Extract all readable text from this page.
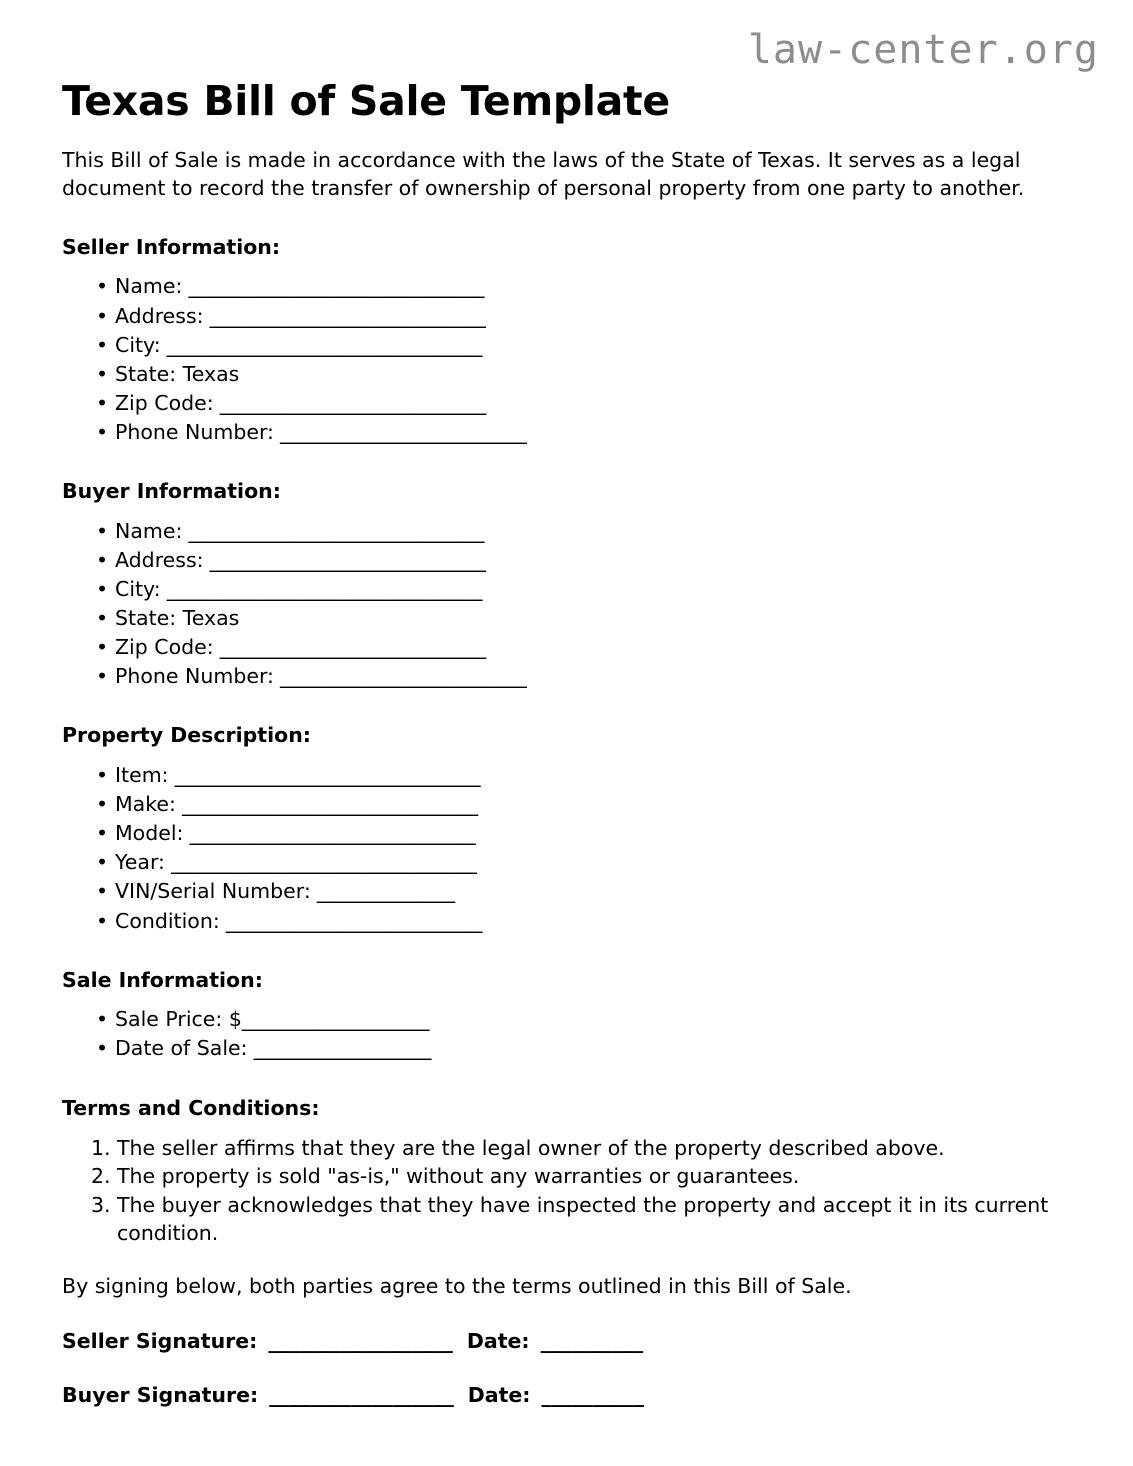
law-center.org
Texas Bill of Sale Template

This Bill of Sale is made in accordance with the laws of the State of Texas. It serves as a legal document to record the transfer of ownership of personal property from one party to another.

Seller Information:
• Name: ______________________________
• Address: ____________________________
• City: ________________________________
• State: Texas
• Zip Code: ___________________________
• Phone Number: _________________________
Buyer Information:
• Name: ______________________________
• Address: ____________________________
• City: ________________________________
• State: Texas
• Zip Code: ___________________________
• Phone Number: _________________________
Property Description:
• Item: _______________________________
• Make: ______________________________
• Model: _____________________________
• Year: _______________________________
• VIN/Serial Number: ______________
• Condition: __________________________
Sale Information:
• Sale Price: $___________________
• Date of Sale: __________________
Terms and Conditions:
The seller affirms that they are the legal owner of the property described above.
The property is sold "as-is," without any warranties or guarantees.
The buyer acknowledges that they have inspected the property and accept it in its current condition.

By signing below, both parties agree to the terms outlined in this Bill of Sale.

Seller Signature: __________________ Date: __________
Buyer Signature: __________________ Date: __________
